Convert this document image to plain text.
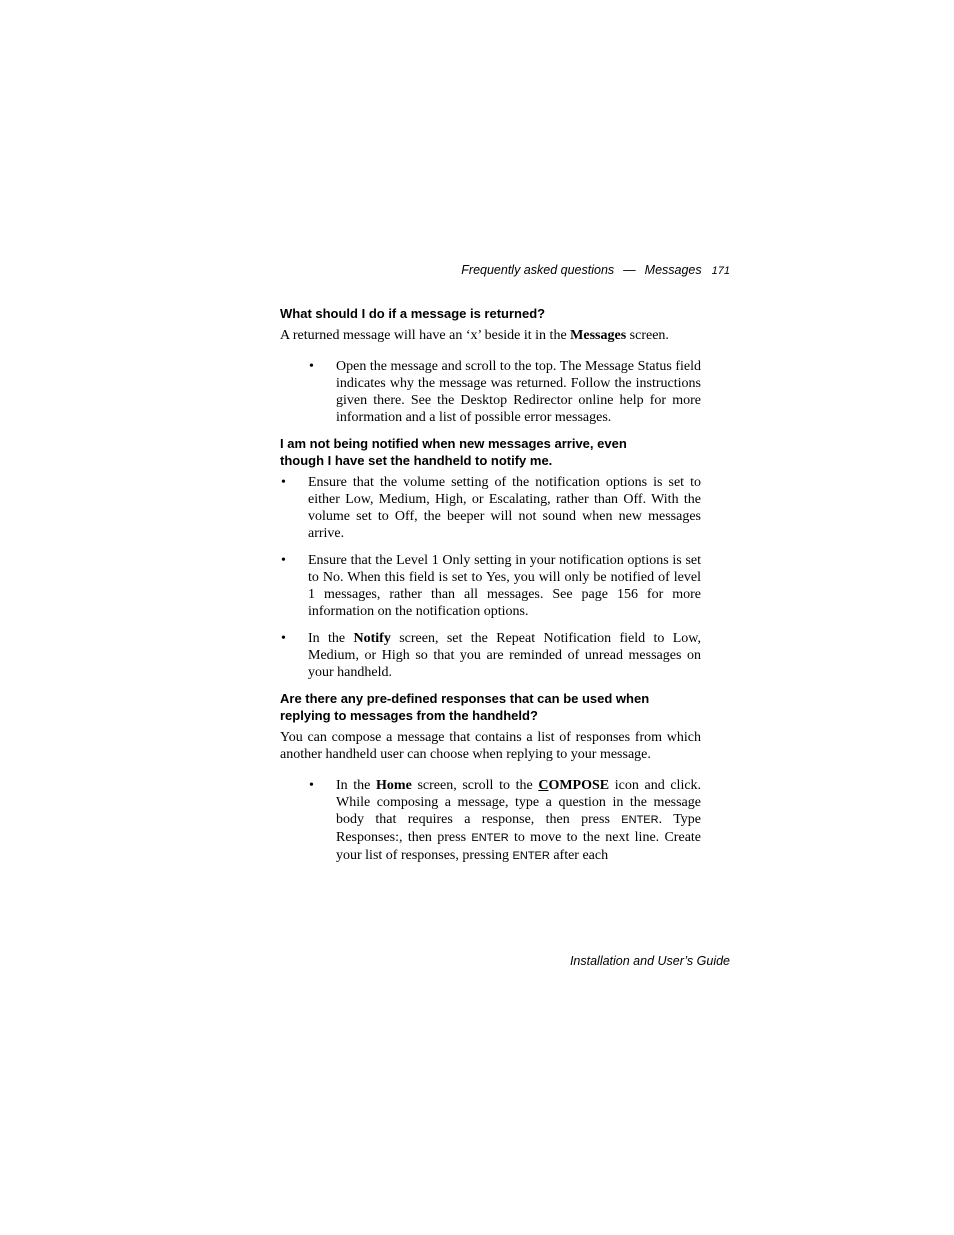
Frequently asked questions — Messages 171
What should I do if a message is returned?

A returned message will have an ‘x’ beside it in the Messages screen.

• Open the message and scroll to the top. The Message Status field indicates why the message was returned. Follow the instructions given there. See the Desktop Redirector online help for more information and a list of possible error messages.
I am not being notified when new messages arrive, even
though I have set the handheld to notify me.
• Ensure that the volume setting of the notification options is set to either Low, Medium, High, or Escalating, rather than Off. With the volume set to Off, the beeper will not sound when new messages arrive.
• Ensure that the Level 1 Only setting in your notification options is set to No. When this field is set to Yes, you will only be notified of level 1 messages, rather than all messages. See page 156 for more information on the notification options.
• In the Notify screen, set the Repeat Notification field to Low, Medium, or High so that you are reminded of unread messages on your handheld.
Are there any pre-defined responses that can be used when
replying to messages from the handheld?

You can compose a message that contains a list of responses from which another handheld user can choose when replying to your message.

• In the Home screen, scroll to the COMPOSE icon and click. While composing a message, type a question in the message body that requires a response, then press ENTER. Type Responses:, then press ENTER to move to the next line. Create your list of responses, pressing ENTER after each
Installation and User’s Guide
